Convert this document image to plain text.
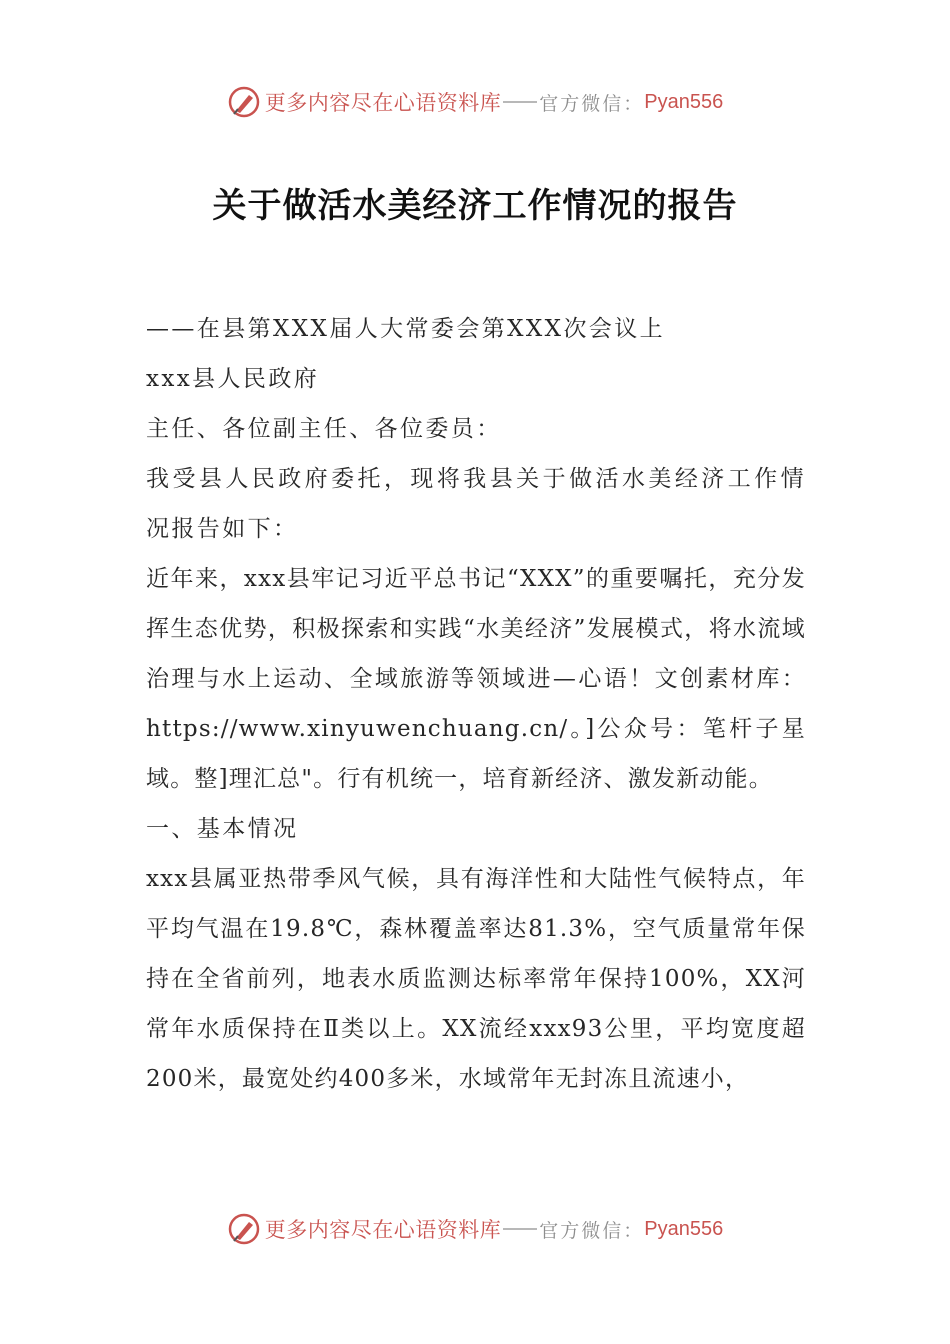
更多内容尽在心语资料库 官方微信： Pyan556
关于做活水美经济工作情况的报告

——在县第XXX届人大常委会第XXX次会议上

xxx县人民政府

主任、各位副主任、各位委员：

我受县人民政府委托，现将我县关于做活水美经济工作情况报告如下：

近年来，xxx县牢记习近平总书记“XXX”的重要嘱托，充分发挥生态优势，积极探索和实践“水美经济”发展模式，将水流域治理与水上运动、全域旅游等领域进—心语！文创素材库：https://www.xinyuwenchuang.cn/。]公众号：笔杆子星域。整]理汇总"。行有机统一，培育新经济、激发新动能。

一、基本情况

xxx县属亚热带季风气候，具有海洋性和大陆性气候特点，年平均气温在19.8℃，森林覆盖率达81.3%，空气质量常年保持在全省前列，地表水质监测达标率常年保持100%，XX河常年水质保持在Ⅱ类以上。XX流经xxx93公里，平均宽度超200米，最宽处约400多米，水域常年无封冻且流速小，

更多内容尽在心语资料库 官方微信： Pyan556
